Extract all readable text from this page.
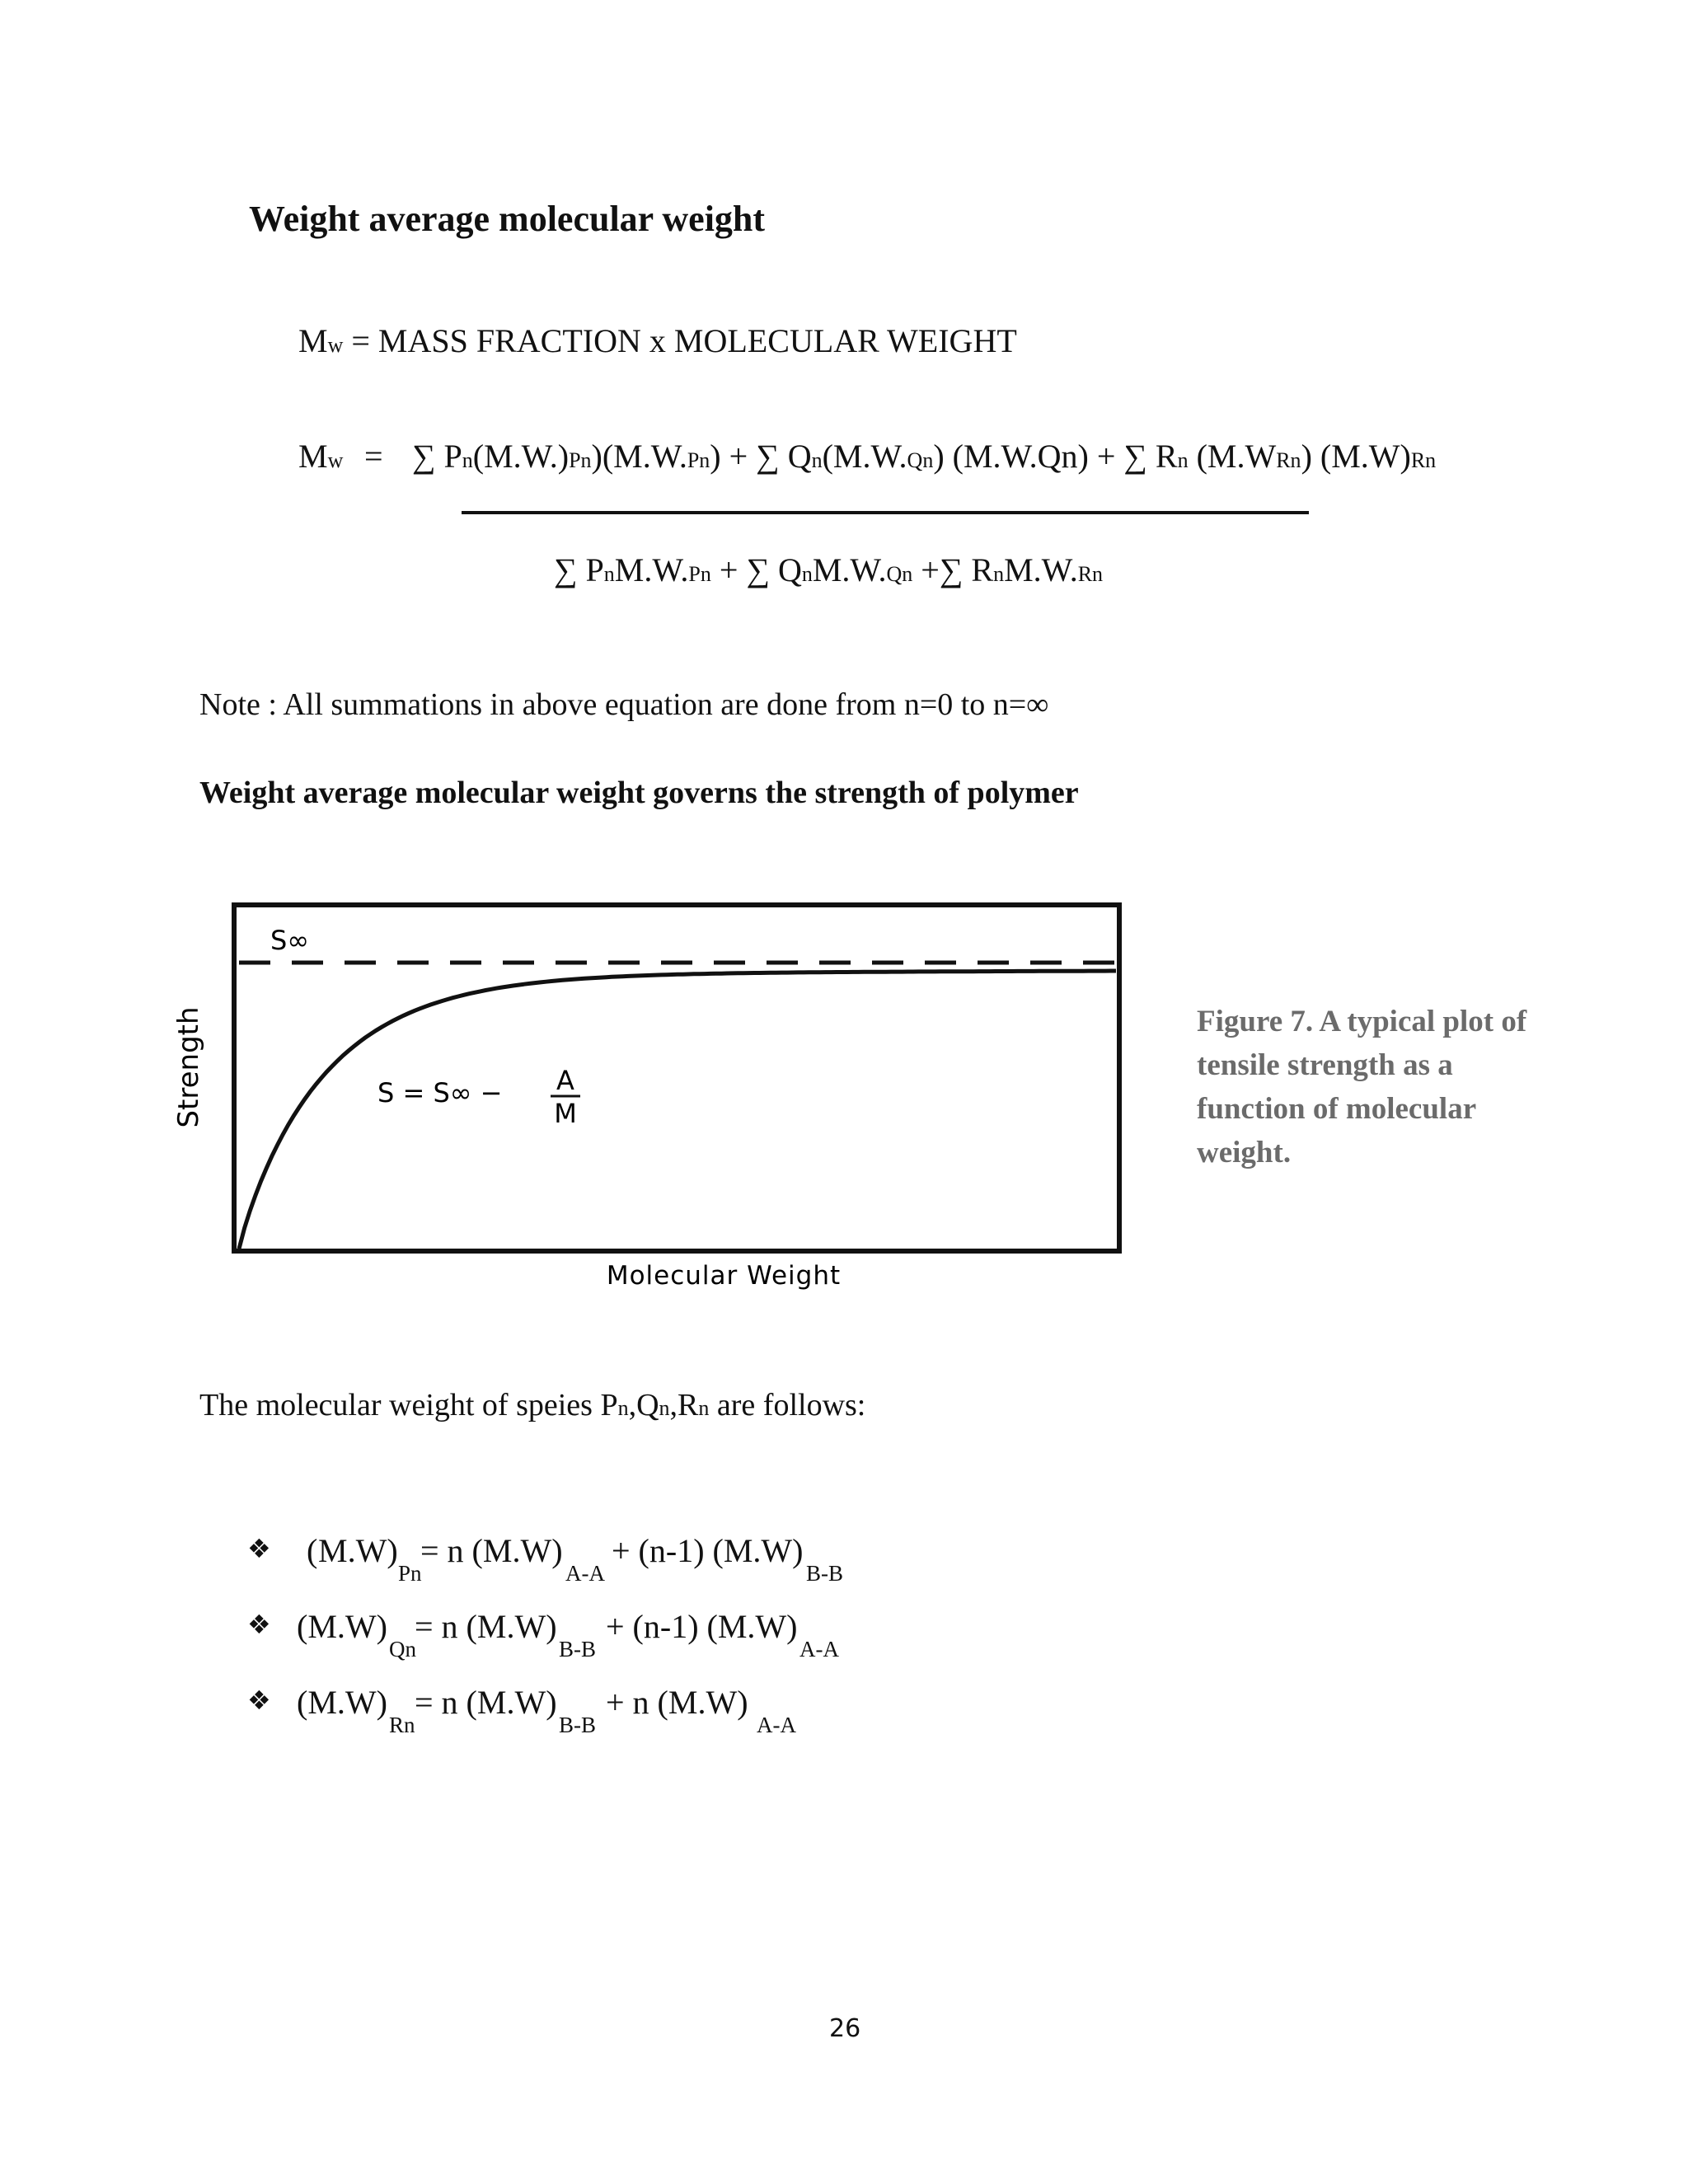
Weight average molecular weight
Mw = MASS FRACTION x MOLECULAR WEIGHT
Mw = ∑ Pn(M.W.)Pn)(M.W.Pn) + ∑ Qn(M.W.Qn) (M.W.Qn) + ∑ Rn (M.WRn) (M.W)Rn
∑ PnM.W.Pn + ∑ QnM.W.Qn +∑ RnM.W.Rn
Note : All summations in above equation are done from n=0 to n=∞
Weight average molecular weight governs the strength of polymer
S∞
S = S∞ − A
M
Strength
Molecular Weight
Figure 7. A typical plot of tensile strength as a function of molecular weight.
The molecular weight of speies Pn,Qn,Rn are follows:
❖ ( M.W)
Pn
= n (M.W)
A-A
+ (n-1) (M.W)
B-B
❖ (M.W)
Qn
= n (M.W)
B-B
+ (n-1) (M.W)
A-A
❖ (M.W)
Rn
= n (M.W)
B-B
+ n (M.W)
A-A
26
